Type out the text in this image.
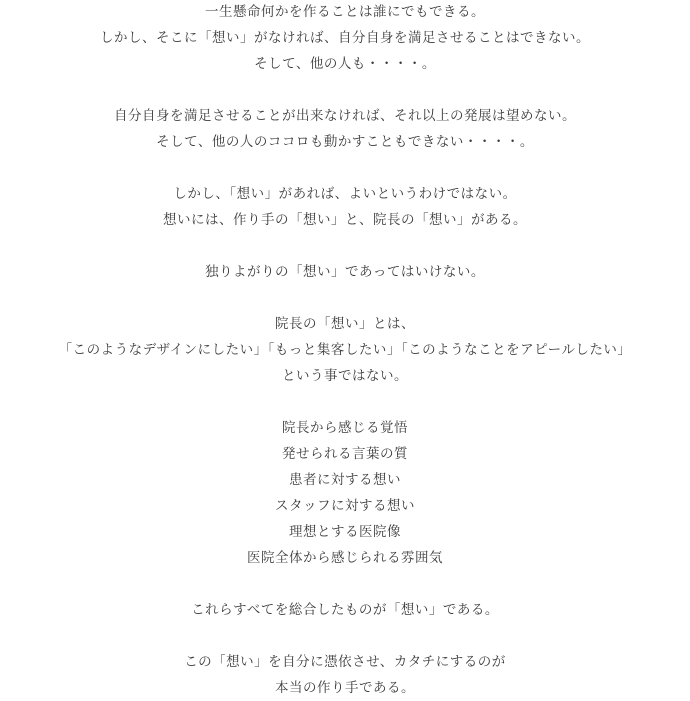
一生懸命何かを作ることは誰にでもできる。
しかし、そこに「想い」がなければ、自分自身を満足させることはできない。
そして、他の人も・・・・。
自分自身を満足させることが出来なければ、それ以上の発展は望めない。
そして、他の人のココロも動かすこともできない・・・・。
しかし、「想い」があれば、よいというわけではない。
想いには、作り手の「想い」と、院長の「想い」がある。
独りよがりの「想い」であってはいけない。
院長の「想い」とは、
「このようなデザインにしたい」「もっと集客したい」「このようなことをアピールしたい」
という事ではない。
院長から感じる覚悟
発せられる言葉の質
患者に対する想い
スタッフに対する想い
理想とする医院像
医院全体から感じられる雰囲気
これらすべてを総合したものが「想い」である。
この「想い」を自分に憑依させ、カタチにするのが
本当の作り手である。
